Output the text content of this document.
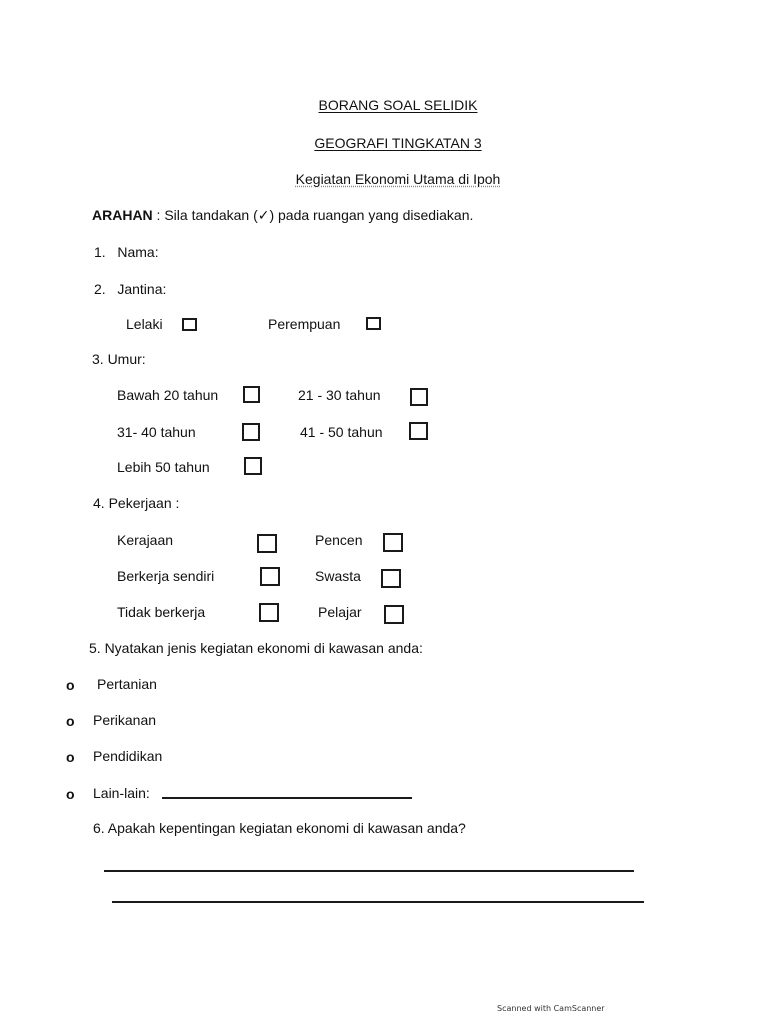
BORANG SOAL SELIDIK
GEOGRAFI TINGKATAN 3
Kegiatan Ekonomi Utama di Ipoh
ARAHAN : Sila tandakan (✓) pada ruangan yang disediakan.
1.   Nama:
2.   Jantina:
Lelaki	Perempuan
3. Umur:
Bawah 20 tahun	21 - 30 tahun
31- 40 tahun	41 - 50 tahun
Lebih 50 tahun
4. Pekerjaan :
Kerajaan	Pencen
Berkerja sendiri	Swasta
Tidak berkerja	Pelajar
5. Nyatakan jenis kegiatan ekonomi di kawasan anda:
o Pertanian
o Perikanan
o Pendidikan
o Lain-lain:
6. Apakah kepentingan kegiatan ekonomi di kawasan anda?
Scanned with CamScanner
